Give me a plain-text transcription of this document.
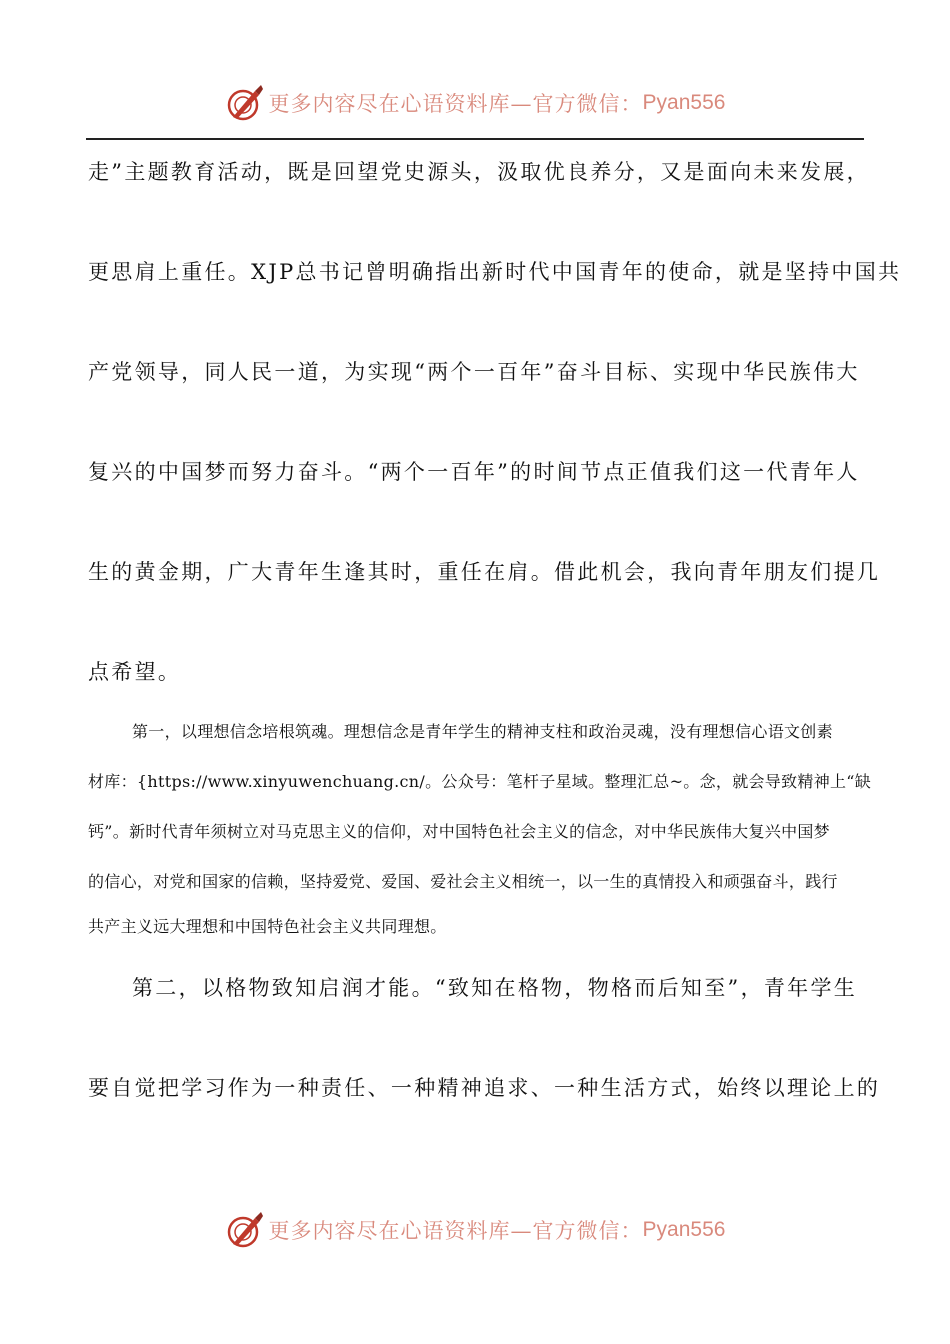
更多内容尽在心语资料库—官方微信： Pyan556
走”主题教育活动，既是回望党史源头，汲取优良养分，又是面向未来发展，
更思肩上重任。XJP总书记曾明确指出新时代中国青年的使命，就是坚持中国共
产党领导，同人民一道，为实现“两个一百年”奋斗目标、实现中华民族伟大
复兴的中国梦而努力奋斗。“两个一百年”的时间节点正值我们这一代青年人
生的黄金期，广大青年生逢其时，重任在肩。借此机会，我向青年朋友们提几
点希望。
第一，以理想信念培根筑魂。理想信念是青年学生的精神支柱和政治灵魂，没有理想信心语文创素
材库：{https://www.xinyuwenchuang.cn/。公众号：笔杆子星域。整理汇总~。念，就会导致精神上“缺
钙”。新时代青年须树立对马克思主义的信仰，对中国特色社会主义的信念，对中华民族伟大复兴中国梦
的信心，对党和国家的信赖，坚持爱党、爱国、爱社会主义相统一，以一生的真情投入和顽强奋斗，践行
共产主义远大理想和中国特色社会主义共同理想。
第二，以格物致知启润才能。“致知在格物，物格而后知至”，青年学生
要自觉把学习作为一种责任、一种精神追求、一种生活方式，始终以理论上的
更多内容尽在心语资料库—官方微信： Pyan556
